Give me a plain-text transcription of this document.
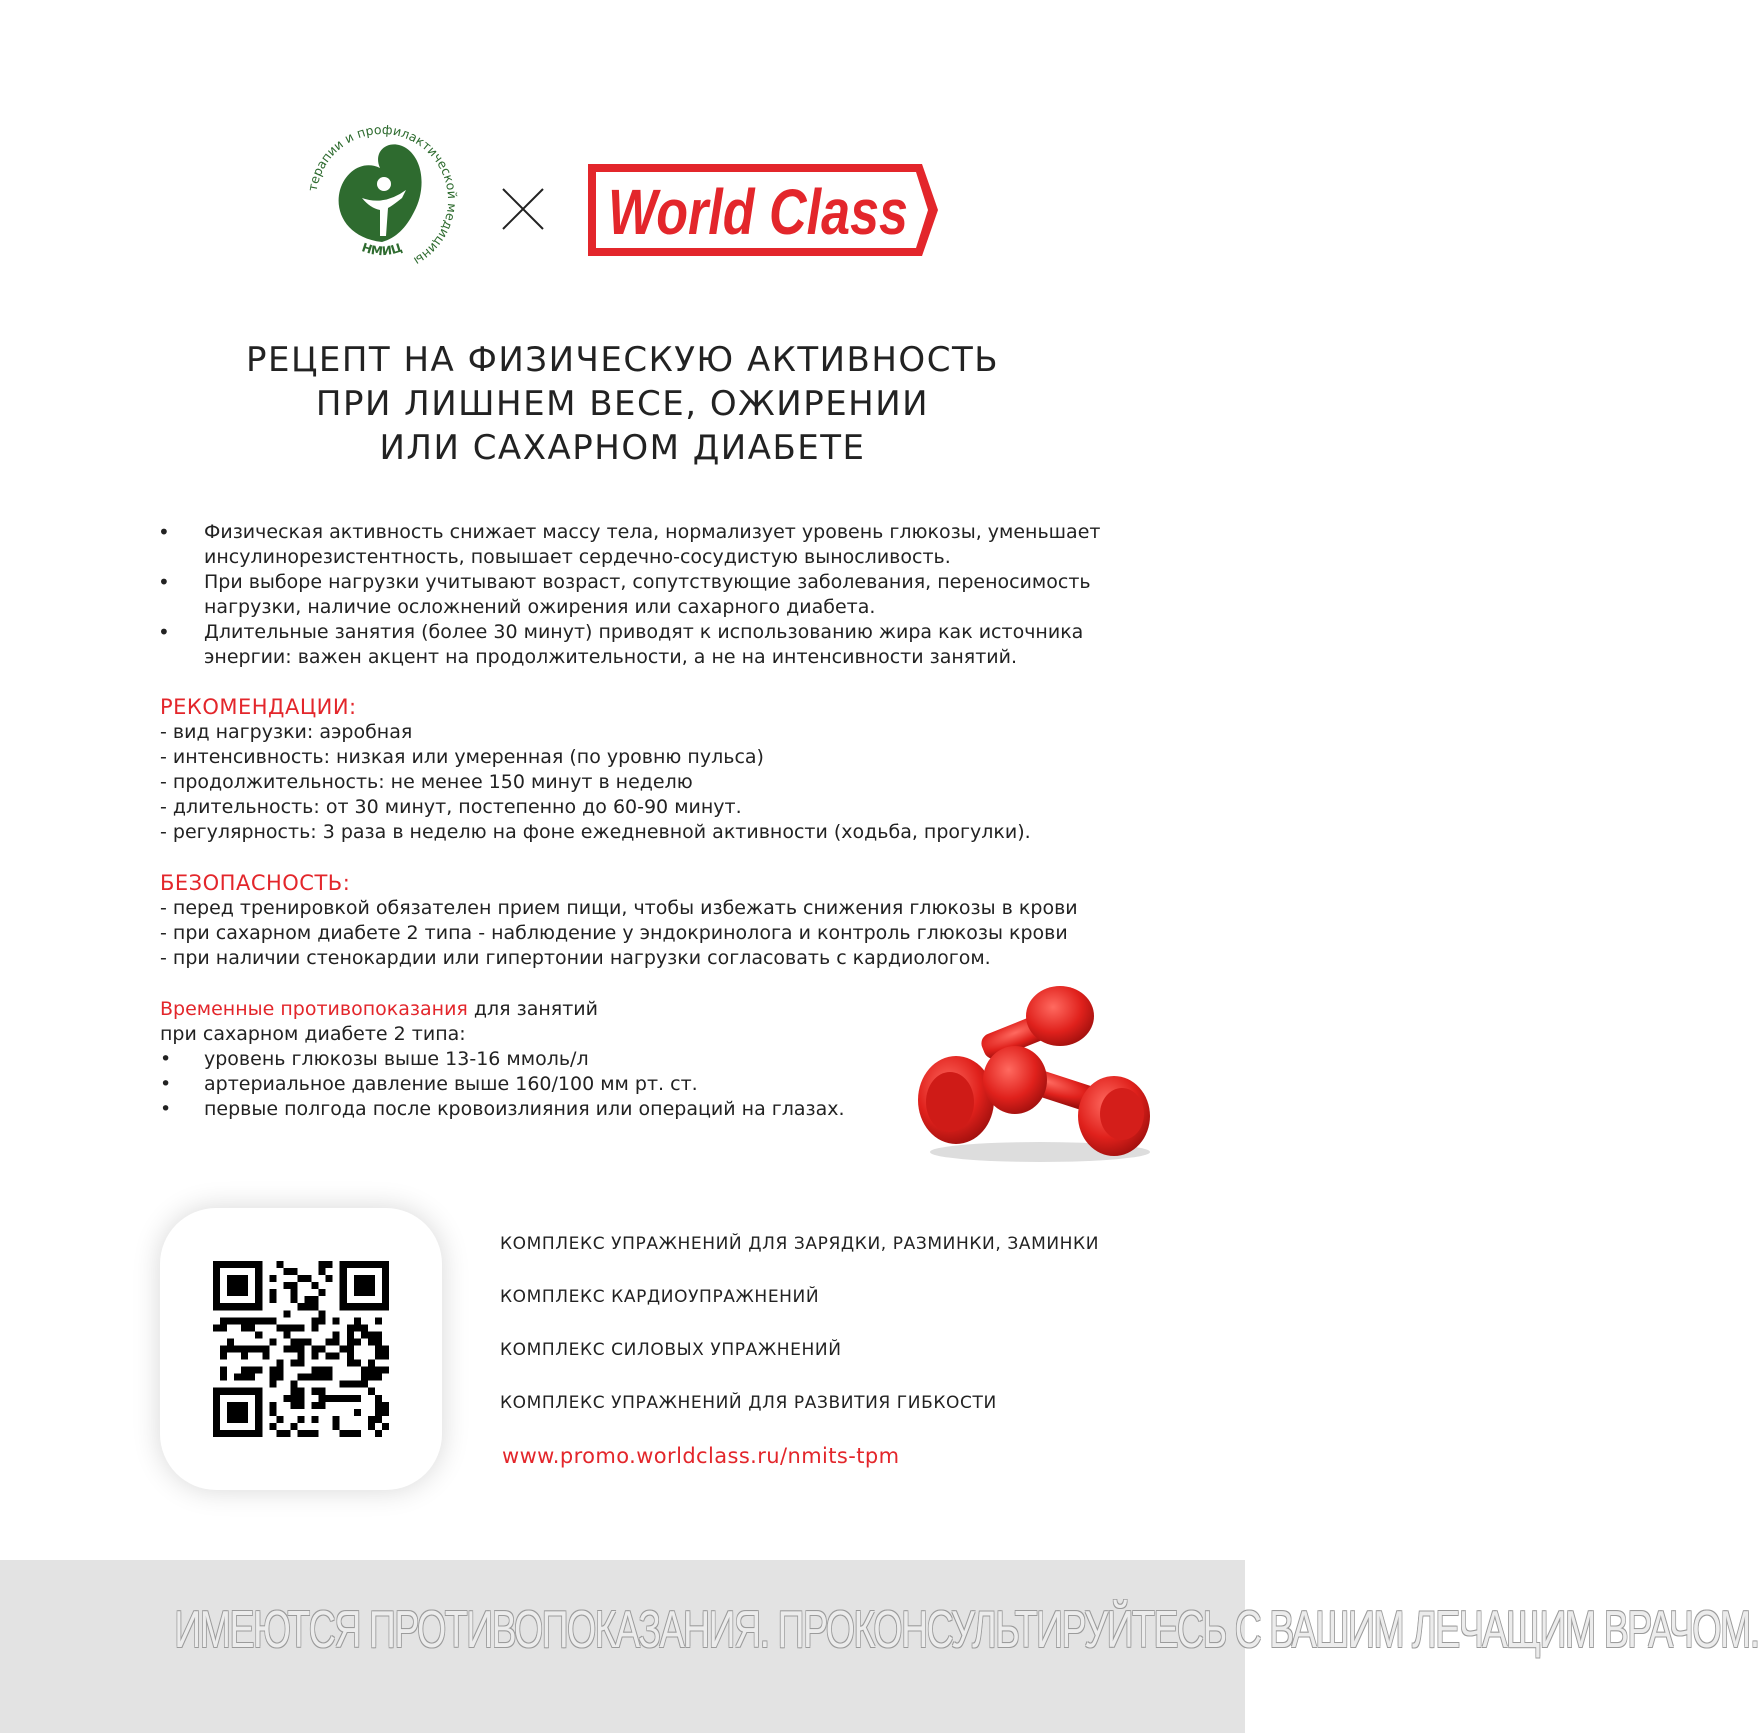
терапии и профилактической медицины
НМИЦ
World Class
РЕЦЕПТ НА ФИЗИЧЕСКУЮ АКТИВНОСТЬ
ПРИ ЛИШНЕМ ВЕСЕ, ОЖИРЕНИИ
ИЛИ САХАРНОМ ДИАБЕТЕ
• Физическая активность снижает массу тела, нормализует уровень глюкозы, уменьшает инсулинорезистентность, повышает сердечно-сосудистую выносливость.
• При выборе нагрузки учитывают возраст, сопутствующие заболевания, переносимость нагрузки, наличие осложнений ожирения или сахарного диабета.
• Длительные занятия (более 30 минут) приводят к использованию жира как источника энергии: важен акцент на продолжительности, а не на интенсивности занятий.
РЕКОМЕНДАЦИИ:
- вид нагрузки: аэробная
- интенсивность: низкая или умеренная (по уровню пульса)
- продолжительность: не менее 150 минут в неделю
- длительность: от 30 минут, постепенно до 60-90 минут.
- регулярность: 3 раза в неделю на фоне ежедневной активности (ходьба, прогулки).
БЕЗОПАСНОСТЬ:
- перед тренировкой обязателен прием пищи, чтобы избежать снижения глюкозы в крови
- при сахарном диабете 2 типа - наблюдение у эндокринолога и контроль глюкозы крови
- при наличии стенокардии или гипертонии нагрузки согласовать с кардиологом.
Временные противопоказания для занятий
при сахарном диабете 2 типа:
• уровень глюкозы выше 13-16 ммоль/л
• артериальное давление выше 160/100 мм рт. ст.
• первые полгода после кровоизлияния или операций на глазах.
КОМПЛЕКС УПРАЖНЕНИЙ ДЛЯ ЗАРЯДКИ, РАЗМИНКИ, ЗАМИНКИ
КОМПЛЕКС КАРДИОУПРАЖНЕНИЙ
КОМПЛЕКС СИЛОВЫХ УПРАЖНЕНИЙ
КОМПЛЕКС УПРАЖНЕНИЙ ДЛЯ РАЗВИТИЯ ГИБКОСТИ
www.promo.worldclass.ru/nmits-tpm
ИМЕЮТСЯ ПРОТИВОПОКАЗАНИЯ. ПРОКОНСУЛЬТИРУЙТЕСЬ С ВАШИМ ЛЕЧАЩИМ ВРАЧОМ.
